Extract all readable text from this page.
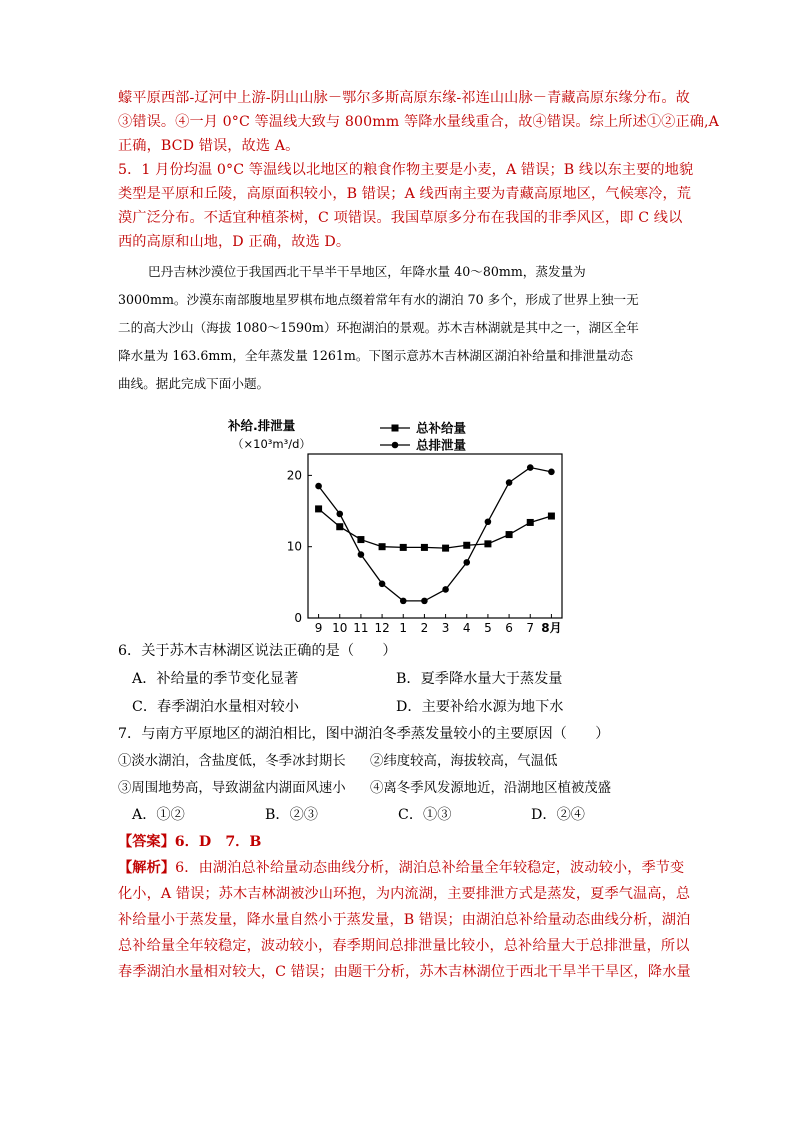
蠓平原西部-辽河中上游-阴山山脉－鄂尔多斯高原东缘-祁连山山脉－青藏高原东缘分布。故

③错误。④一月 0°C 等温线大致与 800mm 等降水量线重合，故④错误。综上所述①②正确,A

正确，BCD 错误，故选 A。

5．1 月份均温 0°C 等温线以北地区的粮食作物主要是小麦，A 错误；B 线以东主要的地貌

类型是平原和丘陵，高原面积较小，B 错误；A 线西南主要为青藏高原地区，气候寒冷，荒

漠广泛分布。不适宜种植茶树，C 项错误。我国草原多分布在我国的非季风区，即 C 线以

西的高原和山地，D 正确，故选 D。

巴丹吉林沙漠位于我国西北干旱半干旱地区，年降水量 40～80mm，蒸发量为

3000mm。沙漠东南部腹地星罗棋布地点缀着常年有水的湖泊 70 多个，形成了世界上独一无

二的高大沙山（海拔 1080～1590m）环抱湖泊的景观。苏木吉林湖就是其中之一，湖区全年

降水量为 163.6mm，全年蒸发量 1261m。下图示意苏木吉林湖区湖泊补给量和排泄量动态

曲线。据此完成下面小题。

补给.排泄量
（×10³m³/d）
0
10
20
9 10 11 12 1 2 3 4 5 6 7 8月
总补给量
总排泄量

6．关于苏木吉林湖区说法正确的是（　　）

A．补给量的季节变化显著	B．夏季降水量大于蒸发量
C．春季湖泊水量相对较小	D．主要补给水源为地下水

7．与南方平原地区的湖泊相比，图中湖泊冬季蒸发量较小的主要原因（　　）

①淡水湖泊，含盐度低，冬季冰封期长	②纬度较高，海拔较高，气温低
③周围地势高，导致湖盆内湖面风速小	④离冬季风发源地近，沿湖地区植被茂盛
A．①②	B．②③	C．①③	D．②④
【答案】6．D　7．B

【解析】6．由湖泊总补给量动态曲线分析，湖泊总补给量全年较稳定，波动较小，季节变

化小，A 错误；苏木吉林湖被沙山环抱，为内流湖，主要排泄方式是蒸发，夏季气温高，总

补给量小于蒸发量，降水量自然小于蒸发量，B 错误；由湖泊总补给量动态曲线分析，湖泊

总补给量全年较稳定，波动较小，春季期间总排泄量比较小，总补给量大于总排泄量，所以

春季湖泊水量相对较大，C 错误；由题干分析，苏木吉林湖位于西北干旱半干旱区，降水量
